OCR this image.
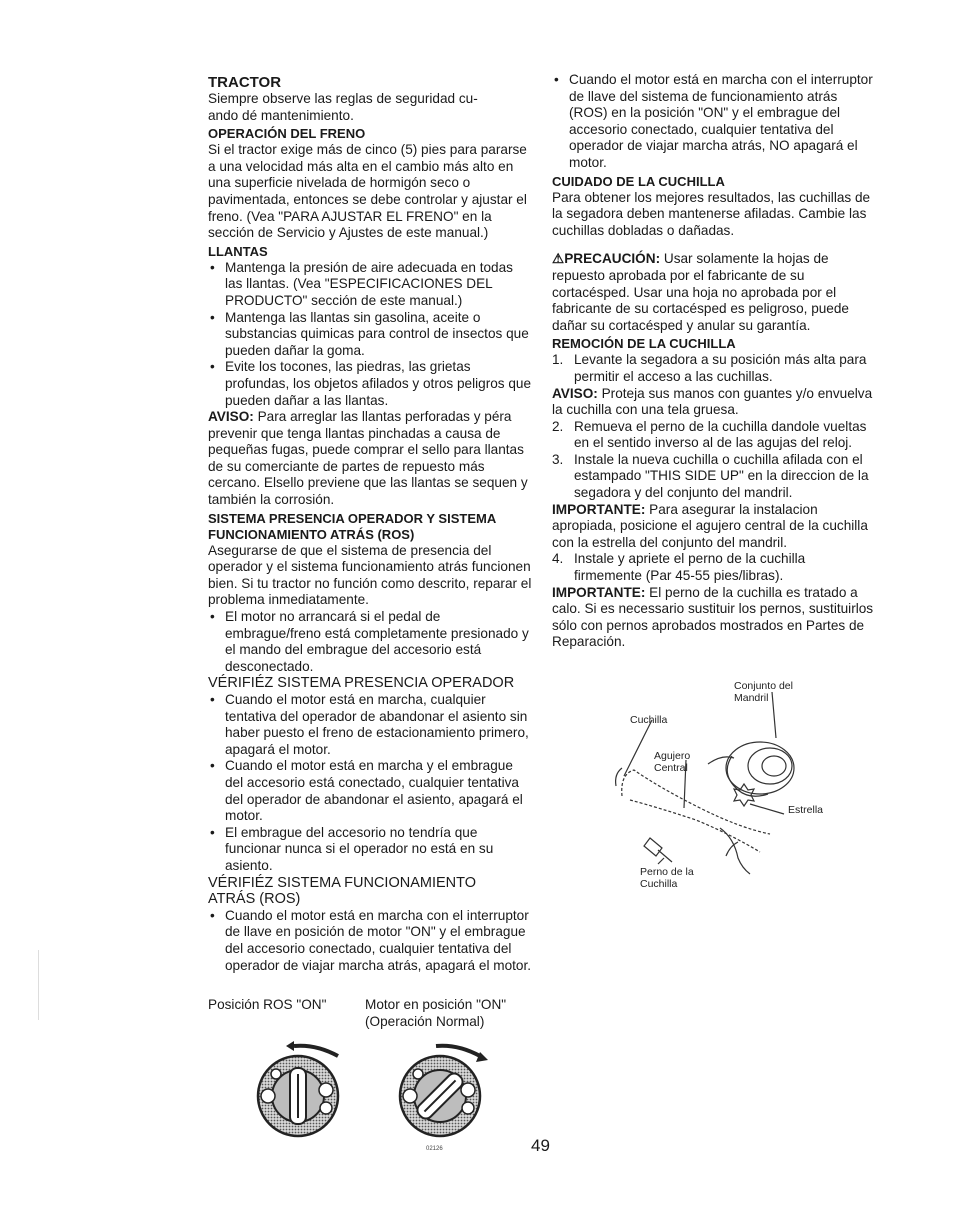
TRACTOR

Siempre observe las reglas de seguridad cu-
ando dé mantenimiento.

OPERACIÓN DEL FRENO

Si el tractor exige más de cinco (5) pies para pararse a una velocidad más alta en el cambio más alto en una superficie nivelada de hormigón seco o pavimentada, entonces se debe controlar y ajustar el freno. (Vea "PARA AJUSTAR EL FRENO" en la sección de Servicio y Ajustes de este manual.)

LLANTAS

• Mantenga la presión de aire adecuada en todas las llantas. (Vea "ESPECIFICACIONES DEL PRODUCTO" sección de este manual.)
• Mantenga las llantas sin gasolina, aceite o substancias quimicas para control de insectos que pueden dañar la goma.
• Evite los tocones, las piedras, las grietas profundas, los objetos afilados y otros peligros que pueden dañar a las llantas.

AVISO: Para arreglar las llantas perforadas y péra prevenir que tenga llantas pinchadas a causa de pequeñas fugas, puede comprar el sello para llantas de su comerciante de partes de repuesto más cercano. Elsello previene que las llantas se sequen y también la corrosión.

SISTEMA PRESENCIA OPERADOR Y SISTEMA FUNCIONAMIENTO ATRÁS (ROS)

Asegurarse de que el sistema de presencia del operador y el sistema funcionamiento atrás funcionen bien. Si tu tractor no función como descrito, reparar el problema inmediatamente.

• El motor no arrancará si el pedal de embrague/freno está completamente presionado y el mando del embrague del accesorio está desconectado.

VÉRIFIÉZ SISTEMA PRESENCIA OPERADOR

• Cuando el motor está en marcha, cualquier tentativa del operador de abandonar el asiento sin haber puesto el freno de estacionamiento primero, apagará el motor.
• Cuando el motor está en marcha y el embrague del accesorio está conectado, cualquier tentativa del operador de abandonar el asiento, apagará el motor.
• El embrague del accesorio no tendría que funcionar nunca si el operador no está en su asiento.

VÉRIFIÉZ SISTEMA FUNCIONAMIENTO ATRÁS (ROS)

• Cuando el motor está en marcha con el interruptor de llave en posición de motor "ON" y el embrague del accesorio conectado, cualquier tentativa del operador de viajar marcha atrás, apagará el motor.
Posición ROS "ON"	Motor en posición "ON" (Operación Normal)
02126	49
• Cuando el motor está en marcha con el interruptor de llave del sistema de funcionamiento atrás (ROS) en la posición "ON" y el embrague del accesorio conectado, cualquier tentativa del operador de viajar marcha atrás, NO apagará el motor.

CUIDADO DE LA CUCHILLA

Para obtener los mejores resultados, las cuchillas de la segadora deben mantenerse afiladas. Cambie las cuchillas dobladas o dañadas.

⚠PRECAUCIÓN: Usar solamente la hojas de repuesto aprobada por el fabricante de su cortacésped. Usar una hoja no aprobada por el fabricante de su cortacésped es peligroso, puede dañar su cortacésped y anular su garantía.

REMOCIÓN DE LA CUCHILLA

1. Levante la segadora a su posición más alta para permitir el acceso a las cuchillas.

AVISO: Proteja sus manos con guantes y/o envuelva la cuchilla con una tela gruesa.

2. Remueva el perno de la cuchilla dandole vueltas en el sentido inverso al de las agujas del reloj.
3. Instale la nueva cuchilla o cuchilla afilada con el estampado "THIS SIDE UP" en la direccion de la segadora y del conjunto del mandril.

IMPORTANTE: Para asegurar la instalacion apropiada, posicione el agujero central de la cuchilla con la estrella del conjunto del mandril.

4. Instale y apriete el perno de la cuchilla firmemente (Par 45-55 pies/libras).

IMPORTANTE: El perno de la cuchilla es tratado a calo. Si es necessario sustituir los pernos, sustituirlos sólo con pernos aprobados mostrados en Partes de Reparación.

Conjunto del Mandril
Cuchilla
Agujero Central
Estrella
Perno de la Cuchilla
